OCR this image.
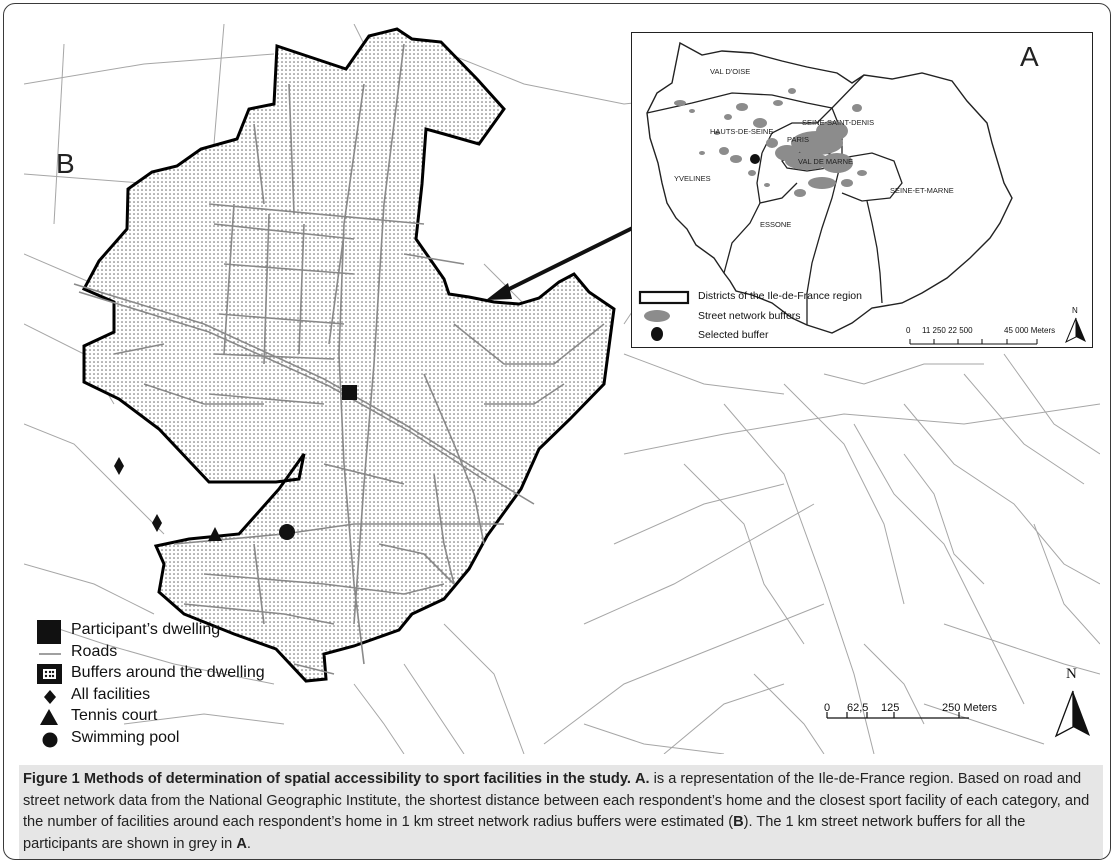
B
0 62,5 125	250 Meters
N
A
VAL D'OISE
SEINE-SAINT-DENIS
HAUTS-DE-SEINE
PARIS
VAL DE MARNE
YVELINES
ESSONE
SEINE-ET-MARNE
Districts of the Ile-de-France region
Street network buffers
Selected buffer	0 11 250 22 500	45 000 Meters
N
Participant’s dwelling
Roads
Buffers around the dwelling
All facilities
Tennis court
Swimming pool
Figure 1 Methods of determination of spatial accessibility to sport facilities in the study. A. is a representation of the Ile-de-France region. Based on road and street network data from the National Geographic Institute, the shortest distance between each respondent’s home and the closest sport facility of each category, and the number of facilities around each respondent’s home in 1 km street network radius buffers were estimated (B). The 1 km street network buffers for all the participants are shown in grey in A.
